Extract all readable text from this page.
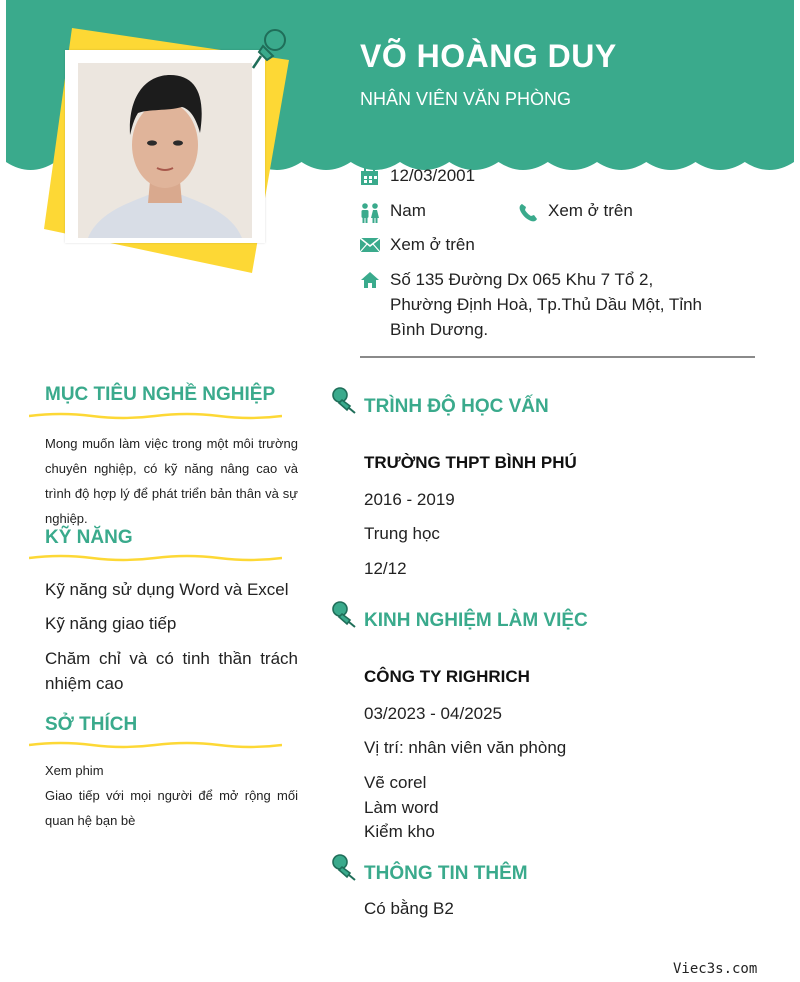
VÕ HOÀNG DUY
NHÂN VIÊN VĂN PHÒNG
12/03/2001
Nam	Xem ở trên
Xem ở trên
Số 135 Đường Dx 065 Khu 7 Tổ 2, Phường Định Hoà, Tp.Thủ Dầu Một, Tỉnh Bình Dương.
MỤC TIÊU NGHỀ NGHIỆP
Mong muốn làm việc trong một môi trường chuyên nghiệp, có kỹ năng nâng cao và trình độ hợp lý để phát triển bản thân và sự nghiệp.
KỸ NĂNG
Kỹ năng sử dụng Word và Excel
Kỹ năng giao tiếp
Chăm chỉ và có tinh thần trách nhiệm cao
SỞ THÍCH
Xem phim
Giao tiếp với mọi người để mở rộng mối quan hệ bạn bè
TRÌNH ĐỘ HỌC VẤN
TRƯỜNG THPT BÌNH PHÚ
2016 - 2019
Trung học
12/12
KINH NGHIỆM LÀM VIỆC
CÔNG TY RIGHRICH
03/2023 - 04/2025
Vị trí: nhân viên văn phòng
Vẽ corel
Làm word
Kiểm kho
THÔNG TIN THÊM
Có bằng B2
Viec3s.com
